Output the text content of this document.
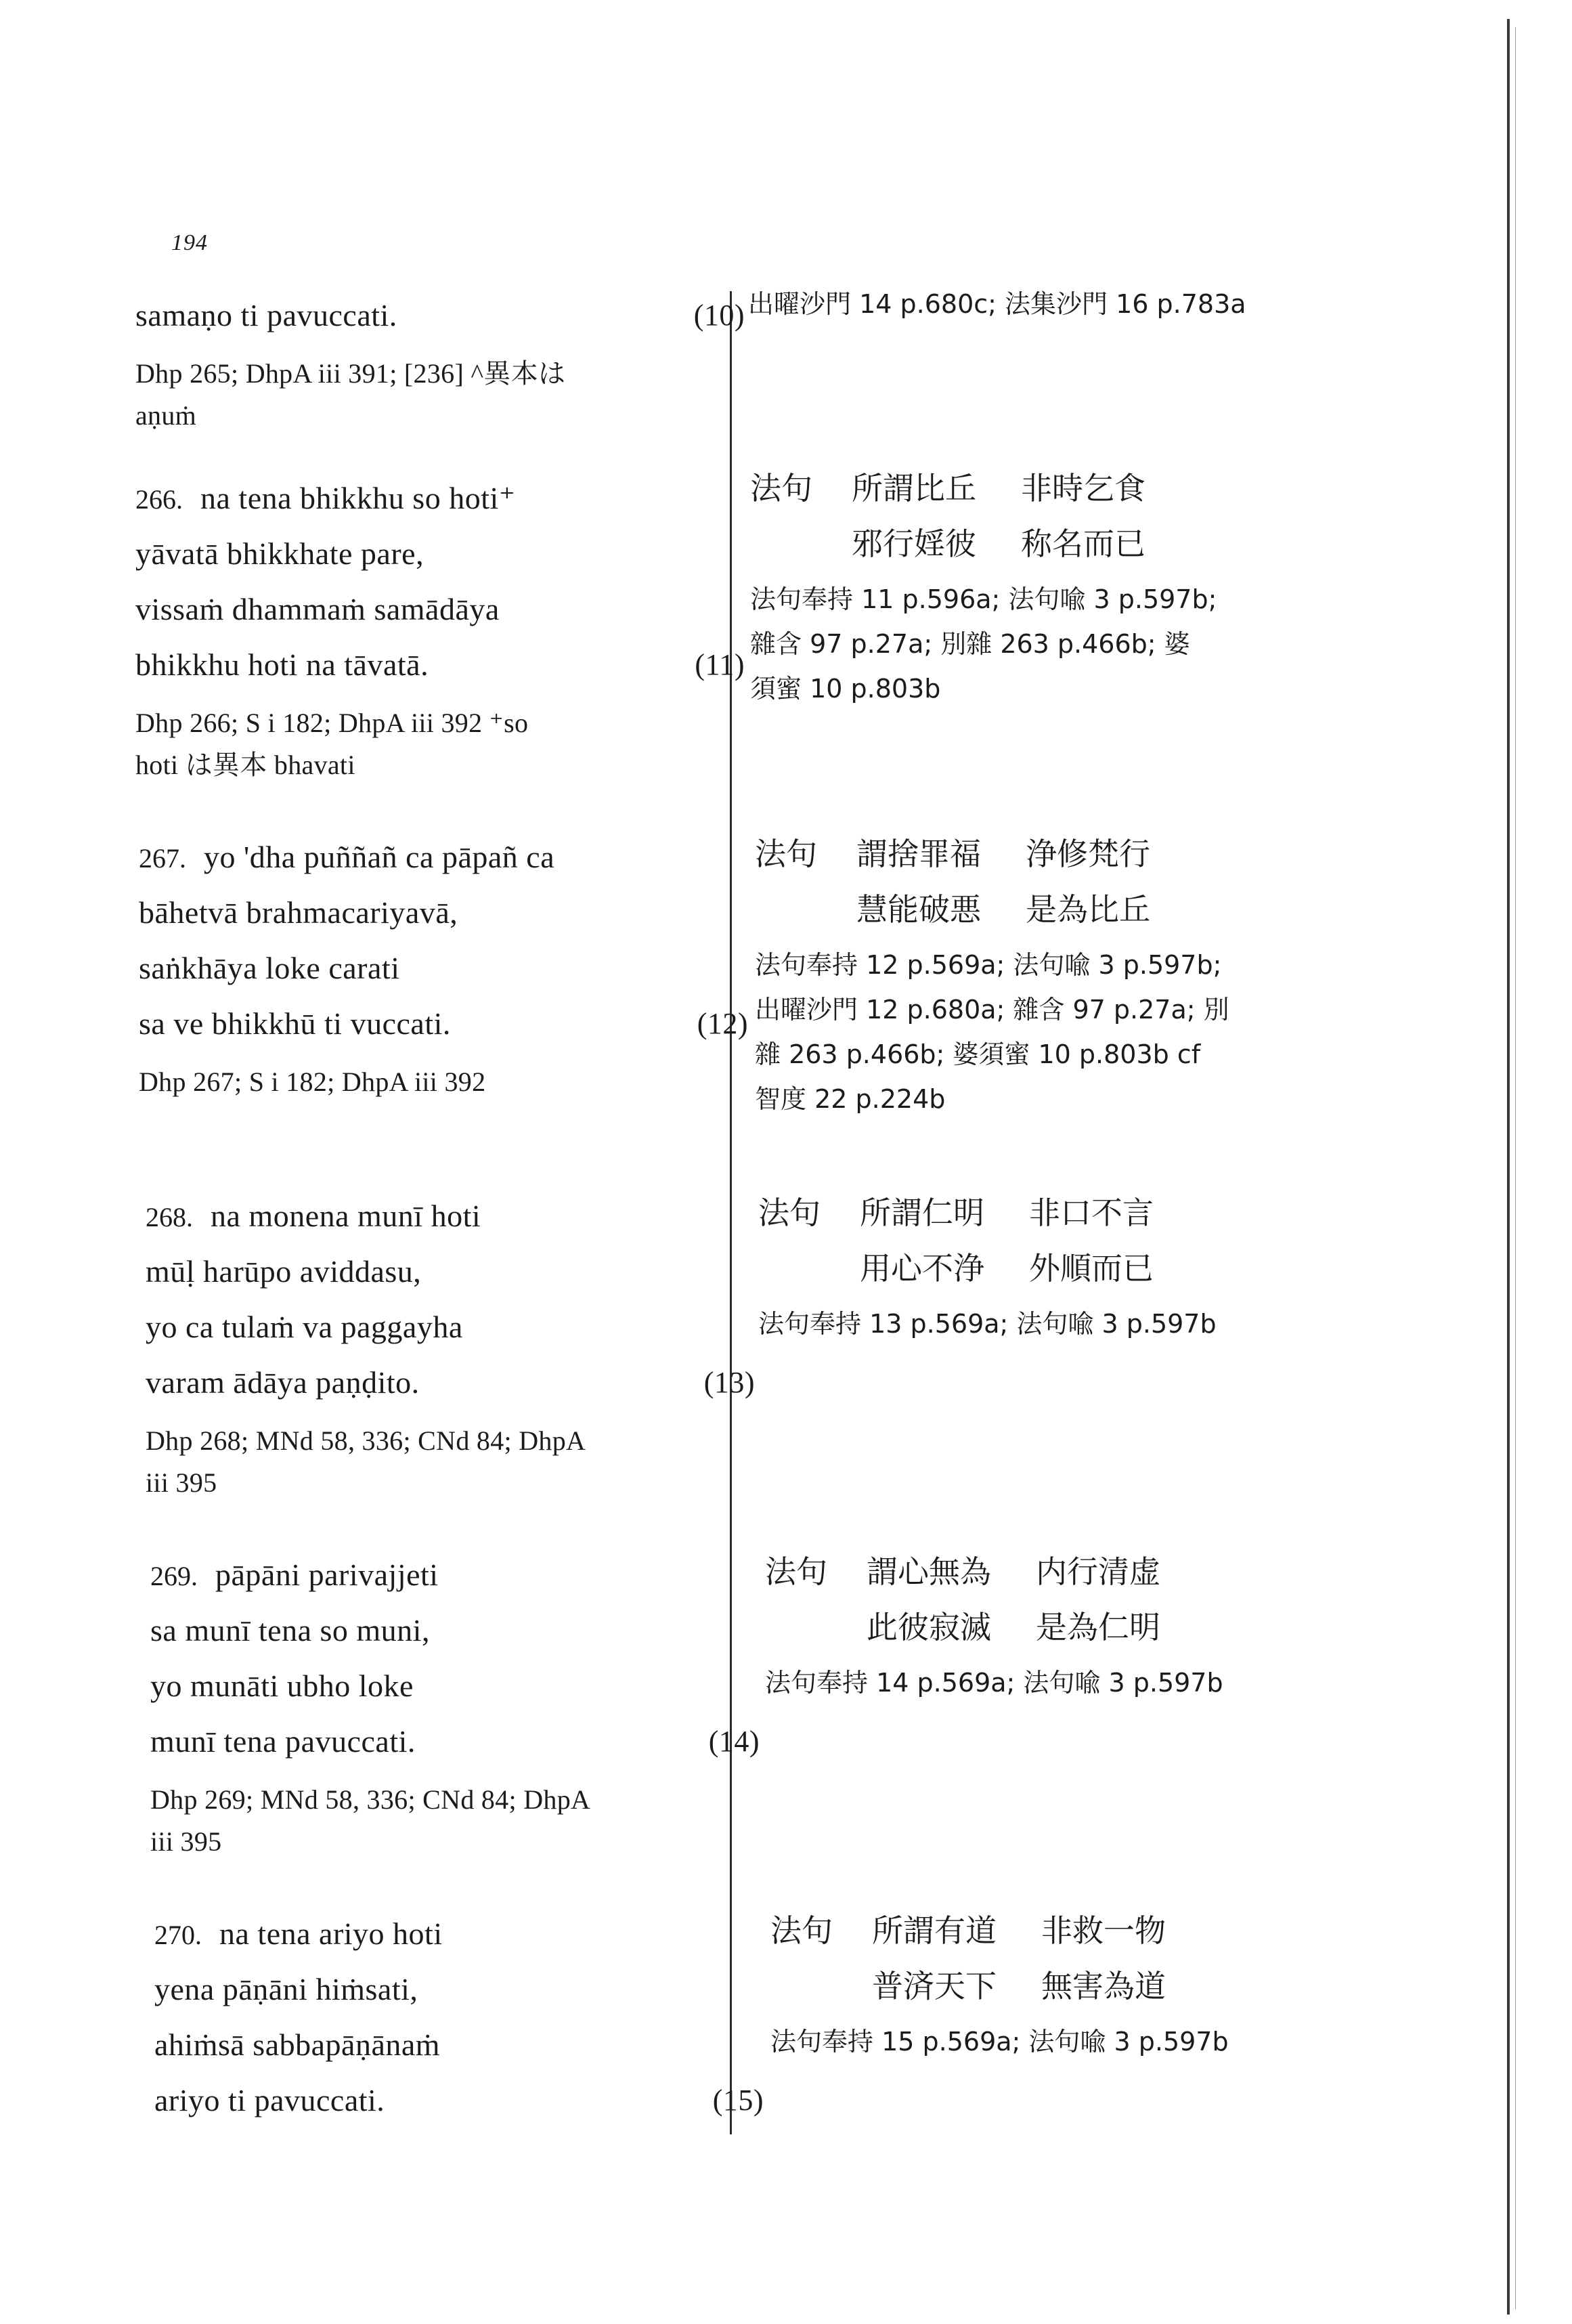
194
samaṇo ti pavuccati.	(10)
Dhp 265; DhpA iii 391; [236] ^異本は
aṇuṁ
266. na tena bhikkhu so hoti⁺
yāvatā bhikkhate pare,
vissaṁ dhammaṁ samādāya
bhikkhu hoti na tāvatā.	(11)
Dhp 266; S i 182; DhpA iii 392 ⁺so
hoti は異本 bhavati
267. yo 'dha puññañ ca pāpañ ca
bāhetvā brahmacariyavā,
saṅkhāya loke carati
sa ve bhikkhū ti vuccati.	(12)
Dhp 267; S i 182; DhpA iii 392
268. na monena munī hoti
mūḷ harūpo aviddasu,
yo ca tulaṁ va paggayha
varam ādāya paṇḍito.	(13)
Dhp 268; MNd 58, 336; CNd 84; DhpA
iii 395
269. pāpāni parivajjeti
sa munī tena so muni,
yo munāti ubho loke
munī tena pavuccati.	(14)
Dhp 269; MNd 58, 336; CNd 84; DhpA
iii 395
270. na tena ariyo hoti
yena pāṇāni hiṁsati,
ahiṁsā sabbapāṇānaṁ
ariyo ti pavuccati.	(15)
出曜沙門 14 p.680c; 法集沙門 16 p.783a
法句 所謂比丘 非時乞食
邪行婬彼 称名而已
法句奉持 11 p.596a; 法句喩 3 p.597b;
雜含 97 p.27a; 別雜 263 p.466b; 婆
須蜜 10 p.803b
法句 謂捨罪福 浄修梵行
慧能破悪 是為比丘
法句奉持 12 p.569a; 法句喩 3 p.597b;
出曜沙門 12 p.680a; 雜含 97 p.27a; 別
雜 263 p.466b; 婆須蜜 10 p.803b cf
智度 22 p.224b
法句 所謂仁明 非口不言
用心不浄 外順而已
法句奉持 13 p.569a; 法句喩 3 p.597b
法句 謂心無為 内行清虚
此彼寂滅 是為仁明
法句奉持 14 p.569a; 法句喩 3 p.597b
法句 所謂有道 非救一物
普済天下 無害為道
法句奉持 15 p.569a; 法句喩 3 p.597b
